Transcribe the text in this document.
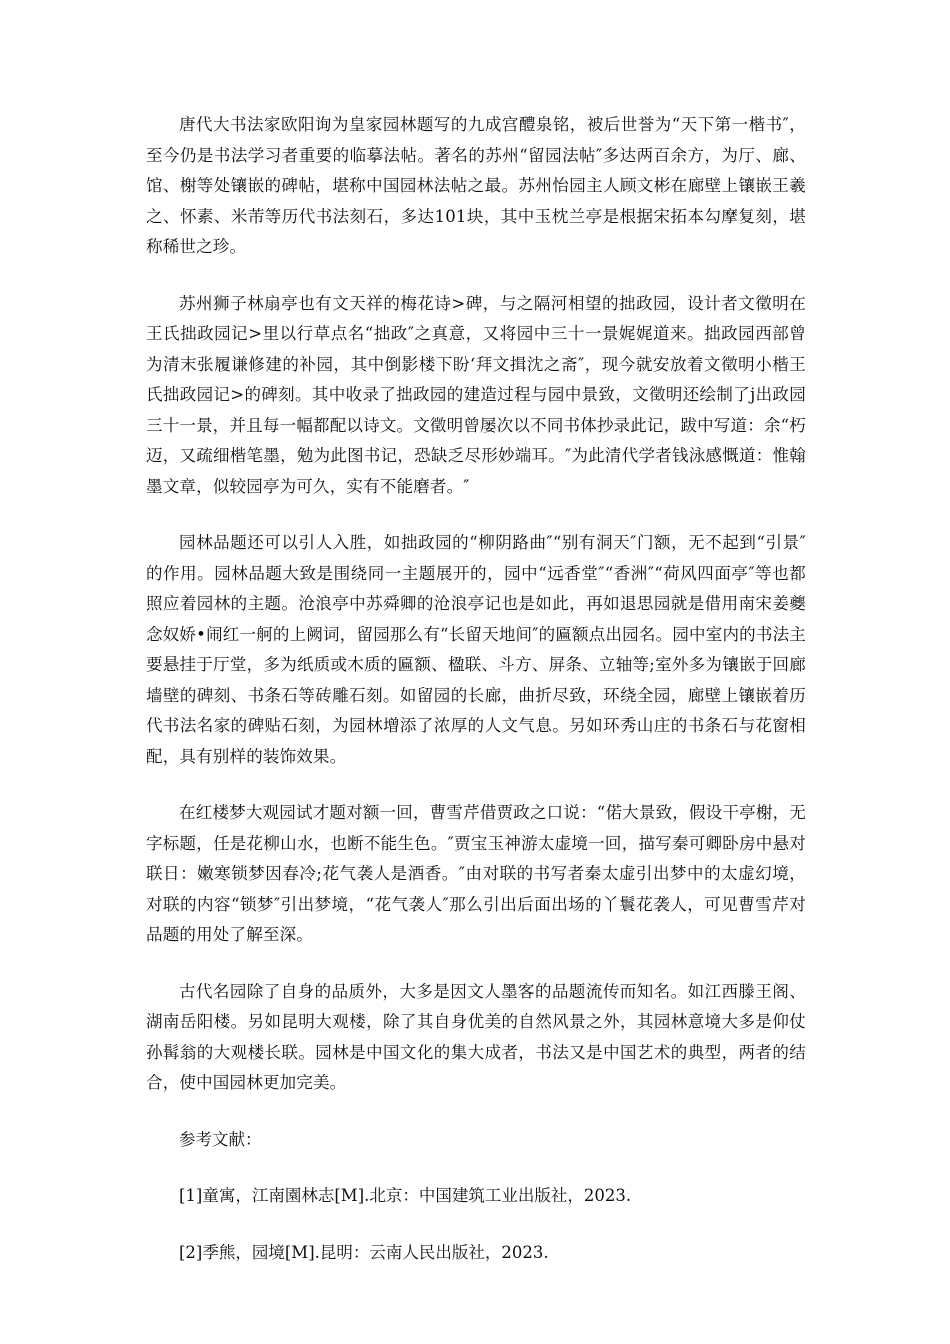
唐代大书法家欧阳询为皇家园林题写的九成宫醴泉铭，被后世誉为“天下第一楷书″，至今仍是书法学习者重要的临摹法帖。著名的苏州“留园法帖″多达两百余方，为厅、廊、馆、榭等处镶嵌的碑帖，堪称中国园林法帖之最。苏州怡园主人顾文彬在廊壁上镶嵌王羲之、怀素、米芾等历代书法刻石，多达101块，其中玉枕兰亭是根据宋拓本勾摩复刻，堪称稀世之珍。

苏州狮子林扇亭也有文天祥的梅花诗>碑，与之隔河相望的拙政园，设计者文徵明在王氏拙政园记>里以行草点名“拙政″之真意，又将园中三十一景娓娓道来。拙政园西部曾为清末张履谦修建的补园，其中倒影楼下盼‘拜文揖沈之斋″，现今就安放着文徵明小楷王氏拙政园记>的碑刻。其中收录了拙政园的建造过程与园中景致，文徵明还绘制了j出政园三十一景，并且每一幅都配以诗文。文徵明曾屡次以不同书体抄录此记，跋中写道：余“朽迈，又疏细楷笔墨，勉为此图书记，恐缺乏尽形妙端耳。″为此清代学者钱泳感慨道：惟翰墨文章，似较园亭为可久，实有不能磨者。″

园林品题还可以引人入胜，如拙政园的“柳阴路曲″“别有洞天″门额，无不起到“引景″的作用。园林品题大致是围绕同一主题展开的，园中“远香堂″“香洲″“荷风四面亭″等也都照应着园林的主题。沧浪亭中苏舜卿的沧浪亭记也是如此，再如退思园就是借用南宋姜夔念奴娇•闹红一舸的上阙词，留园那么有“长留天地间″的匾额点出园名。园中室内的书法主要悬挂于厅堂，多为纸质或木质的匾额、楹联、斗方、屏条、立轴等;室外多为镶嵌于回廊墙壁的碑刻、书条石等砖雕石刻。如留园的长廊，曲折尽致，环绕全园，廊壁上镶嵌着历代书法名家的碑贴石刻，为园林增添了浓厚的人文气息。另如环秀山庄的书条石与花窗相配，具有别样的装饰效果。

在红楼梦大观园试才题对额一回，曹雪芹借贾政之口说：“偌大景致，假设干亭榭，无字标题，任是花柳山水，也断不能生色。″贾宝玉神游太虚境一回，描写秦可卿卧房中悬对联日：嫩寒锁梦因春冷;花气袭人是酒香。″由对联的书写者秦太虚引出梦中的太虚幻境，对联的内容“锁梦″引出梦境，“花气袭人″那么引出后面出场的丫鬟花袭人，可见曹雪芹对品题的用处了解至深。

古代名园除了自身的品质外，大多是因文人墨客的品题流传而知名。如江西滕王阁、湖南岳阳楼。另如昆明大观楼，除了其自身优美的自然风景之外，其园林意境大多是仰仗孙髯翁的大观楼长联。园林是中国文化的集大成者，书法又是中国艺术的典型，两者的结合，使中国园林更加完美。

参考文献：

[1]童寓，江南園林志[M].北京：中国建筑工业出版社，2023.

[2]季熊，园境[M].昆明：云南人民出版社，2023.
